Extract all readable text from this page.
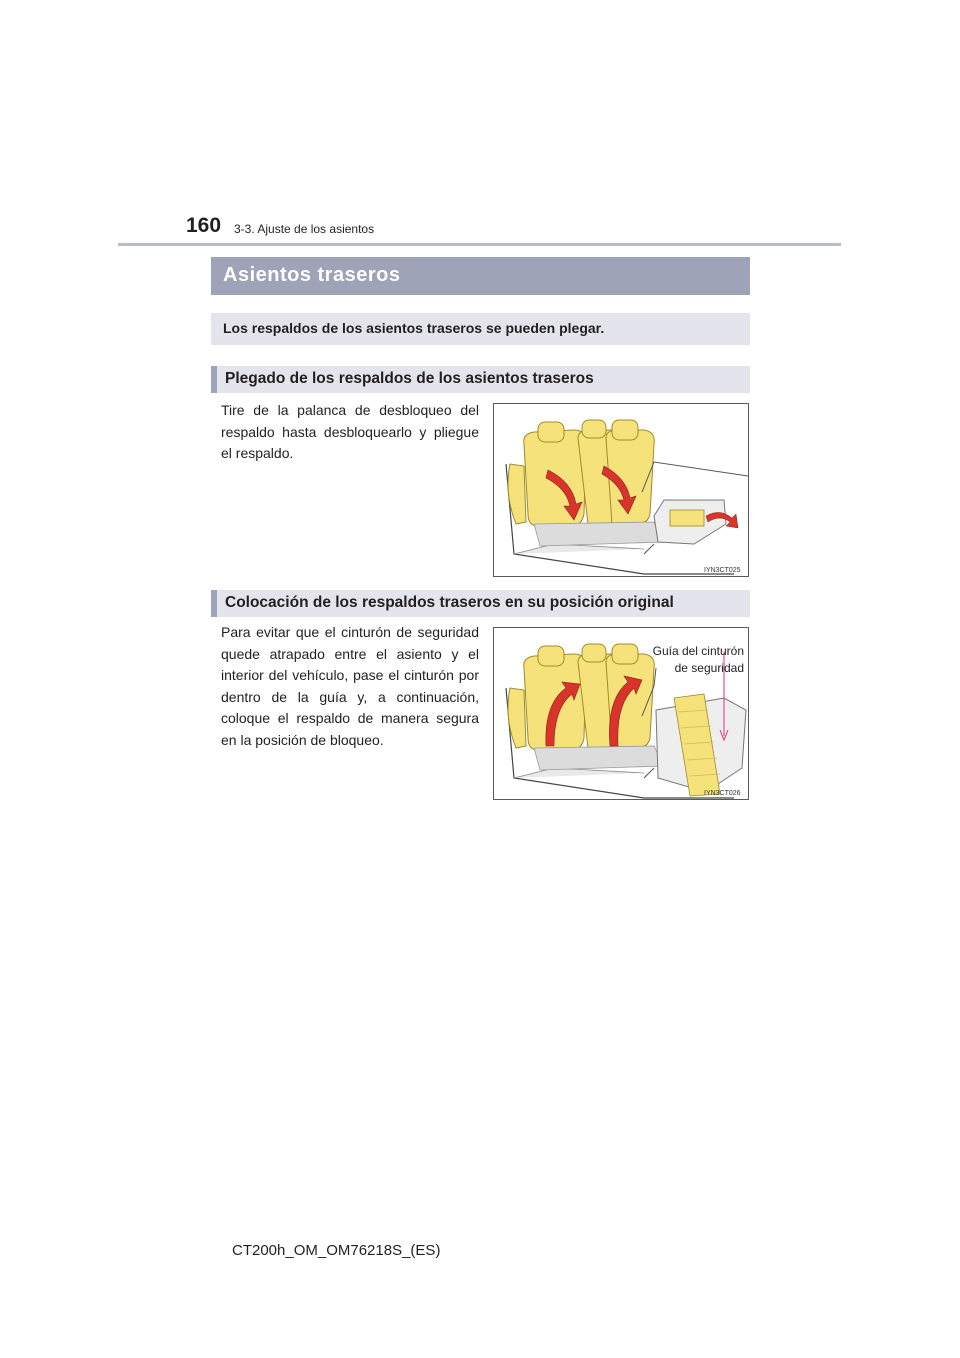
160 3-3. Ajuste de los asientos
Asientos traseros
Los respaldos de los asientos traseros se pueden plegar.
Plegado de los respaldos de los asientos traseros
Tire de la palanca de desbloqueo del respaldo hasta desbloquearlo y pliegue el respaldo.
IYN3CT025
Colocación de los respaldos traseros en su posición original
Para evitar que el cinturón de seguridad quede atrapado entre el asiento y el interior del vehículo, pase el cinturón por dentro de la guía y, a continuación, coloque el respaldo de manera segura en la posición de bloqueo.
Guía del cinturón
de seguridad
IYN3CT026
CT200h_OM_OM76218S_(ES)
